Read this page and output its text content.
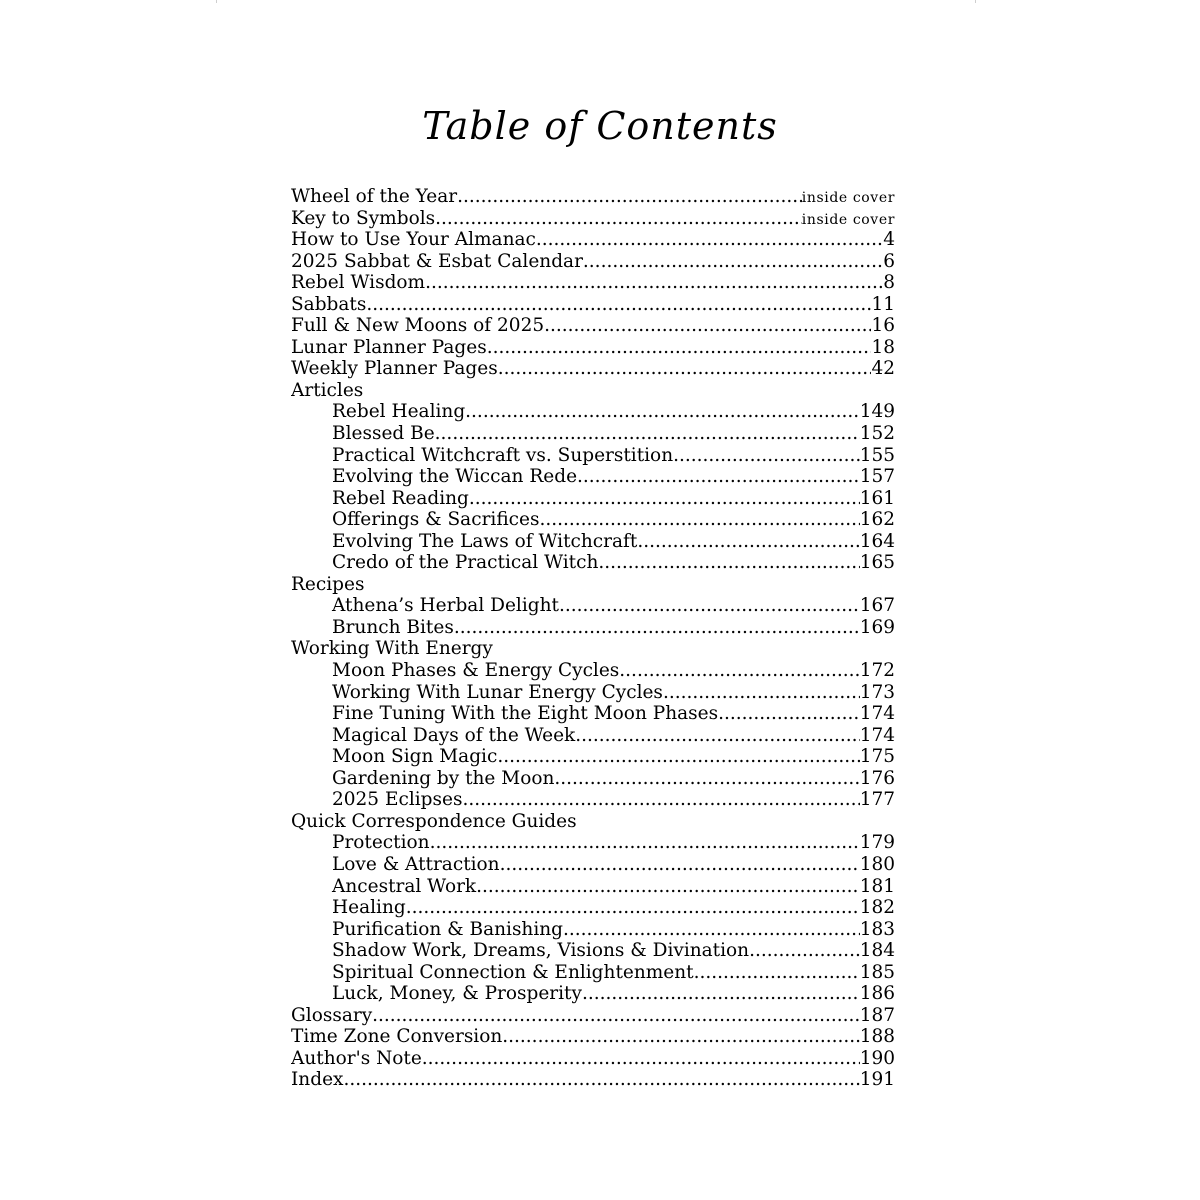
Table of Contents
Wheel of the Year .....	inside cover
Key to Symbols .....	inside cover
How to Use Your Almanac .....	4
2025 Sabbat & Esbat Calendar .....	6
Rebel Wisdom .....	8
Sabbats .....	11
Full & New Moons of 2025 .....	16
Lunar Planner Pages .....	18
Weekly Planner Pages .....	42
Articles
Rebel Healing .....	149
Blessed Be .....	152
Practical Witchcraft vs. Superstition .....	155
Evolving the Wiccan Rede .....	157
Rebel Reading .....	161
Offerings & Sacrifices .....	162
Evolving The Laws of Witchcraft .....	164
Credo of the Practical Witch .....	165
Recipes
Athena’s Herbal Delight .....	167
Brunch Bites .....	169
Working With Energy
Moon Phases & Energy Cycles .....	172
Working With Lunar Energy Cycles .....	173
Fine Tuning With the Eight Moon Phases .....	174
Magical Days of the Week .....	174
Moon Sign Magic .....	175
Gardening by the Moon .....	176
2025 Eclipses .....	177
Quick Correspondence Guides
Protection .....	179
Love & Attraction .....	180
Ancestral Work .....	181
Healing .....	182
Purification & Banishing .....	183
Shadow Work, Dreams, Visions & Divination .....	184
Spiritual Connection & Enlightenment .....	185
Luck, Money, & Prosperity .....	186
Glossary .....	187
Time Zone Conversion .....	188
Author's Note .....	190
Index .....	191
